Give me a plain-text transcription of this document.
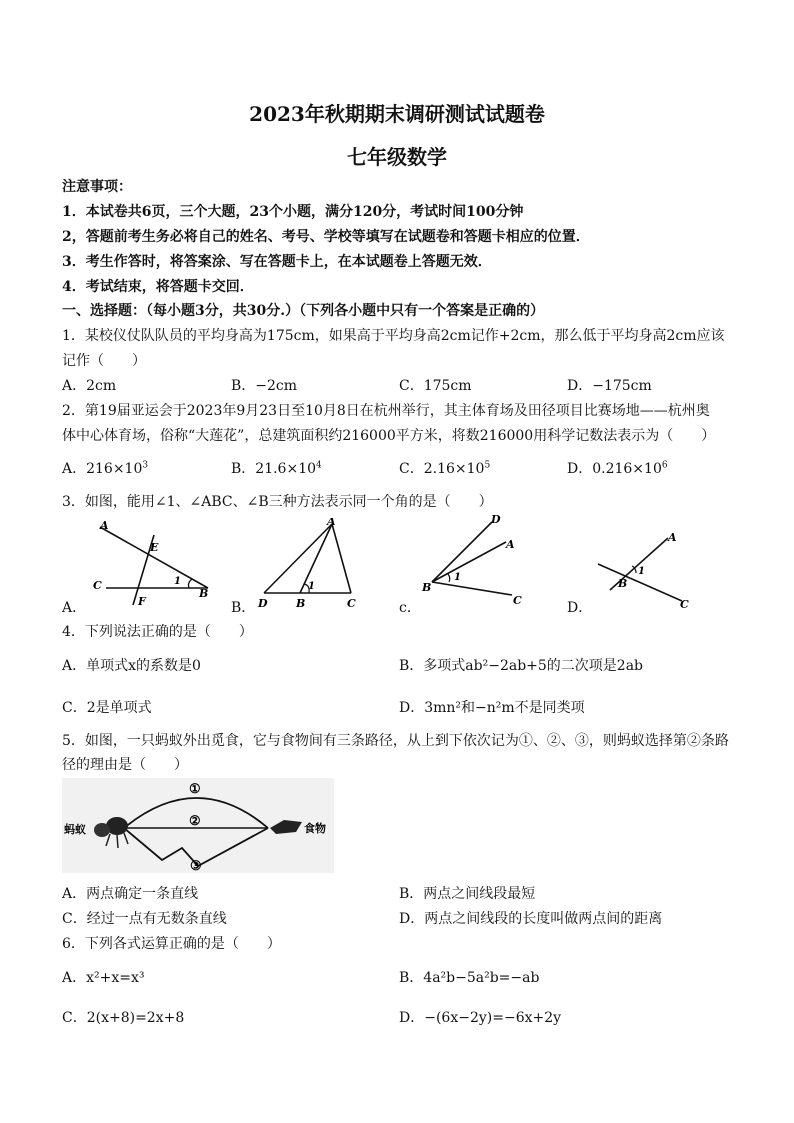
2023年秋期期末调研测试试题卷
七年级数学
注意事项：
1．本试卷共6页，三个大题，23个小题，满分120分，考试时间100分钟
2，答题前考生务必将自己的姓名、考号、学校等填写在试题卷和答题卡相应的位置．
3．考生作答时，将答案涂、写在答题卡上，在本试题卷上答题无效．
4．考试结束，将答题卡交回．
一、选择题：（每小题3分，共30分.）（下列各小题中只有一个答案是正确的）
1．某校仪仗队队员的平均身高为175cm，如果高于平均身高2cm记作+2cm，那么低于平均身高2cm应该
记作（　　）
A．2cm	B．−2cm	C．175cm	D．−175cm
2．第19届亚运会于2023年9月23日至10月8日在杭州举行，其主体育场及田径项目比赛场地——杭州奥
体中心体育场，俗称“大莲花”，总建筑面积约216000平方米，将数216000用科学记数法表示为（　　）
A．$216\times 10^3$	B．$21.6\times 10^4$	C．$2.16\times 10^5$	D．$0.216\times 10^6$
3．如图，能用∠1、∠ABC、∠B三种方法表示同一个角的是（　　）
A
E
C	1
B
F
A．
A
1
D	B	C
B．
D
A
B
1
C
c．
A
B
1
C
D．
4．下列说法正确的是（　　）
A．单项式x的系数是0	B．多项式ab²−2ab+5的二次项是2ab
C．2是单项式	D．3mn²和−n²m不是同类项
5．如图，一只蚂蚁外出觅食，它与食物间有三条路径，从上到下依次记为①、②、③，则蚂蚁选择第②条路
径的理由是（　　）
蚂蚁	食物
①
②
③
A．两点确定一条直线	B．两点之间线段最短
C．经过一点有无数条直线	D．两点之间线段的长度叫做两点间的距离
6．下列各式运算正确的是（　　）
A．x²+x=x³	B．4a²b−5a²b=−ab
C．2(x+8)=2x+8	D．−(6x−2y)=−6x+2y
